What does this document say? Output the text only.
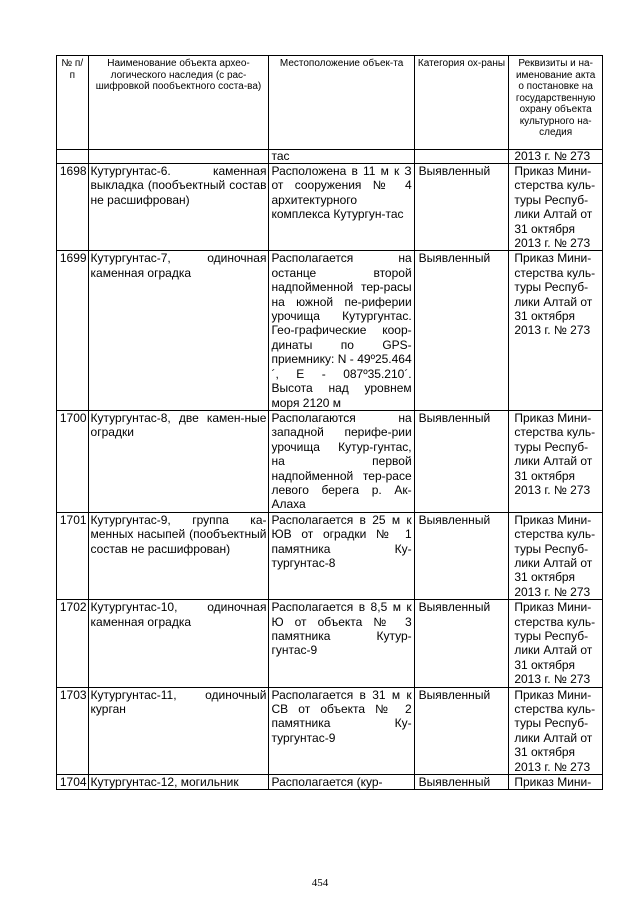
№ п/п	Наименование объекта архео-логического наследия (с рас-шифровкой пообъектного соста-ва)	Местоположение объек-та	Категория ох-раны	Реквизиты и на-именование акта о постановке на государственную охрану объекта культурного на-следия
		тас		2013 г. № 273
1698	Кутургунтас-6. каменная выкладка (пообъектный состав не расшифрован)	Расположена в 11 м к З от сооружения № 4 архитектурного комплекса Кутургун-тас	Выявленный	Приказ Мини-стерства куль-туры Респуб-лики Алтай от 31 октября 2013 г. № 273
1699	Кутургунтас-7, одиночная каменная оградка	Располагается на останце второй надпойменной тер-расы на южной пе-риферии урочища Кутургунтас. Гео-графические коор-динаты по GPS-приемнику: N - 49º25.464´, E - 087º35.210´. Высота над уровнем моря 2120 м	Выявленный	Приказ Мини-стерства куль-туры Респуб-лики Алтай от 31 октября 2013 г. № 273
1700	Кутургунтас-8, две камен-ные оградки	Располагаются на западной перифе-рии урочища Кутур-гунтас, на первой надпойменной тер-расе левого берега р. Ак-Алаха	Выявленный	Приказ Мини-стерства куль-туры Респуб-лики Алтай от 31 октября 2013 г. № 273
1701	Кутургунтас-9, группа ка-менных насыпей (пообъектный состав не расшифрован)	Располагается в 25 м к ЮВ от оградки № 1 памятника Ку-тургунтас-8	Выявленный	Приказ Мини-стерства куль-туры Респуб-лики Алтай от 31 октября 2013 г. № 273
1702	Кутургунтас-10, одиночная каменная оградка	Располагается в 8,5 м к Ю от объекта № 3 памятника Кутур-гунтас-9	Выявленный	Приказ Мини-стерства куль-туры Респуб-лики Алтай от 31 октября 2013 г. № 273
1703	Кутургунтас-11, одиночный курган	Располагается в 31 м к СВ от объекта № 2 памятника Ку-тургунтас-9	Выявленный	Приказ Мини-стерства куль-туры Респуб-лики Алтай от 31 октября 2013 г. № 273
1704	Кутургунтас-12, могильник	Располагается (кур-	Выявленный	Приказ Мини-
454
